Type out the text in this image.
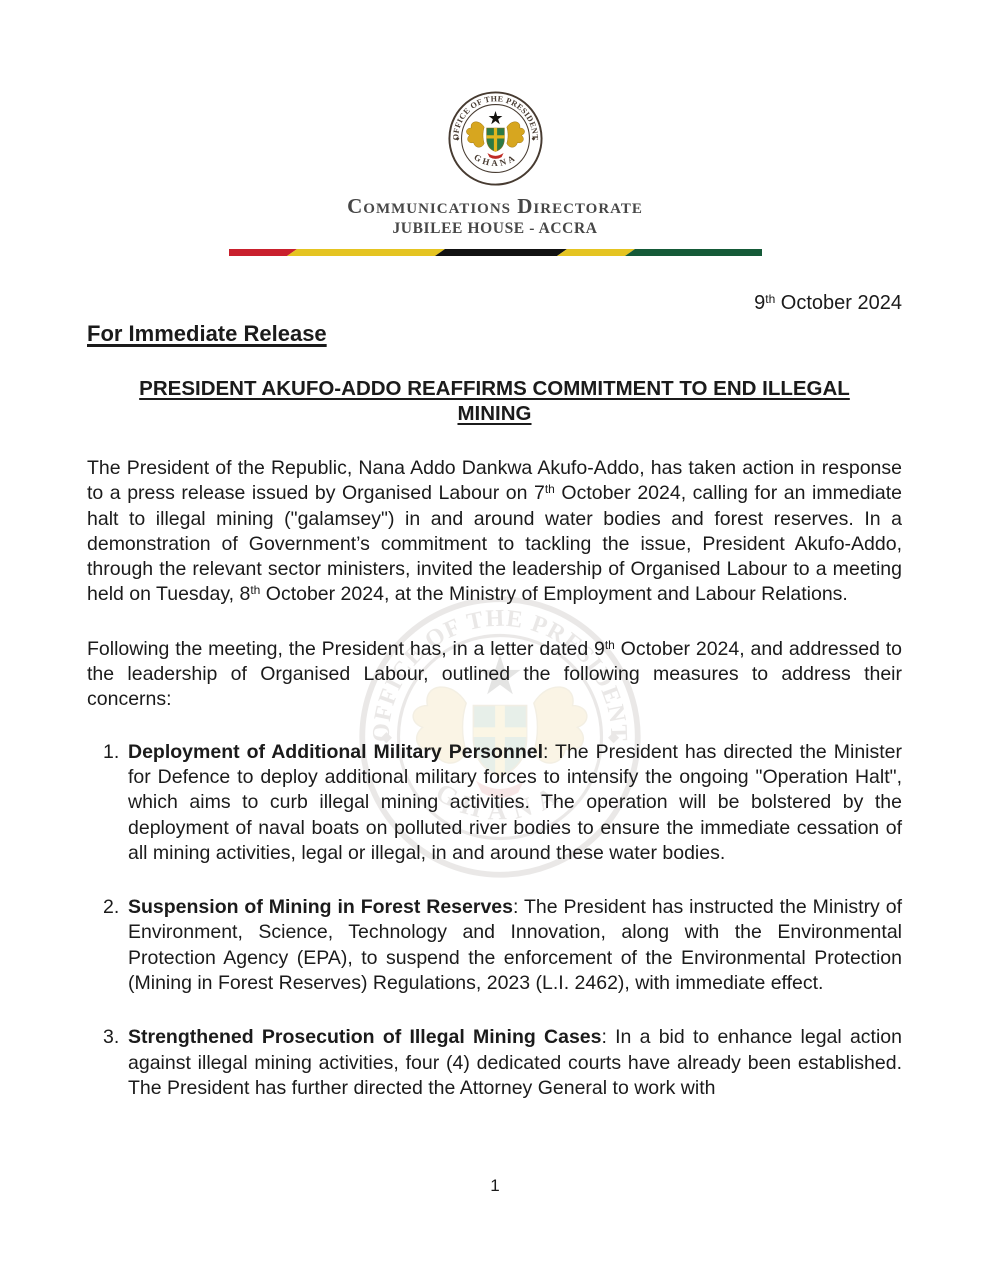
Communications Directorate
JUBILEE HOUSE - ACCRA
9th October 2024
For Immediate Release
PRESIDENT AKUFO-ADDO REAFFIRMS COMMITMENT TO END ILLEGAL
MINING
The President of the Republic, Nana Addo Dankwa Akufo-Addo, has taken action in response to a press release issued by Organised Labour on 7th October 2024, calling for an immediate halt to illegal mining ("galamsey") in and around water bodies and forest reserves. In a demonstration of Government’s commitment to tackling the issue, President Akufo-Addo, through the relevant sector ministers, invited the leadership of Organised Labour to a meeting held on Tuesday, 8th October 2024, at the Ministry of Employment and Labour Relations.
Following the meeting, the President has, in a letter dated 9th October 2024, and addressed to the leadership of Organised Labour, outlined the following measures to address their concerns:
1. Deployment of Additional Military Personnel: The President has directed the Minister for Defence to deploy additional military forces to intensify the ongoing "Operation Halt", which aims to curb illegal mining activities. The operation will be bolstered by the deployment of naval boats on polluted river bodies to ensure the immediate cessation of all mining activities, legal or illegal, in and around these water bodies.
2. Suspension of Mining in Forest Reserves: The President has instructed the Ministry of Environment, Science, Technology and Innovation, along with the Environmental Protection Agency (EPA), to suspend the enforcement of the Environmental Protection (Mining in Forest Reserves) Regulations, 2023 (L.I. 2462), with immediate effect.
3. Strengthened Prosecution of Illegal Mining Cases: In a bid to enhance legal action against illegal mining activities, four (4) dedicated courts have already been established. The President has further directed the Attorney General to work with
1
